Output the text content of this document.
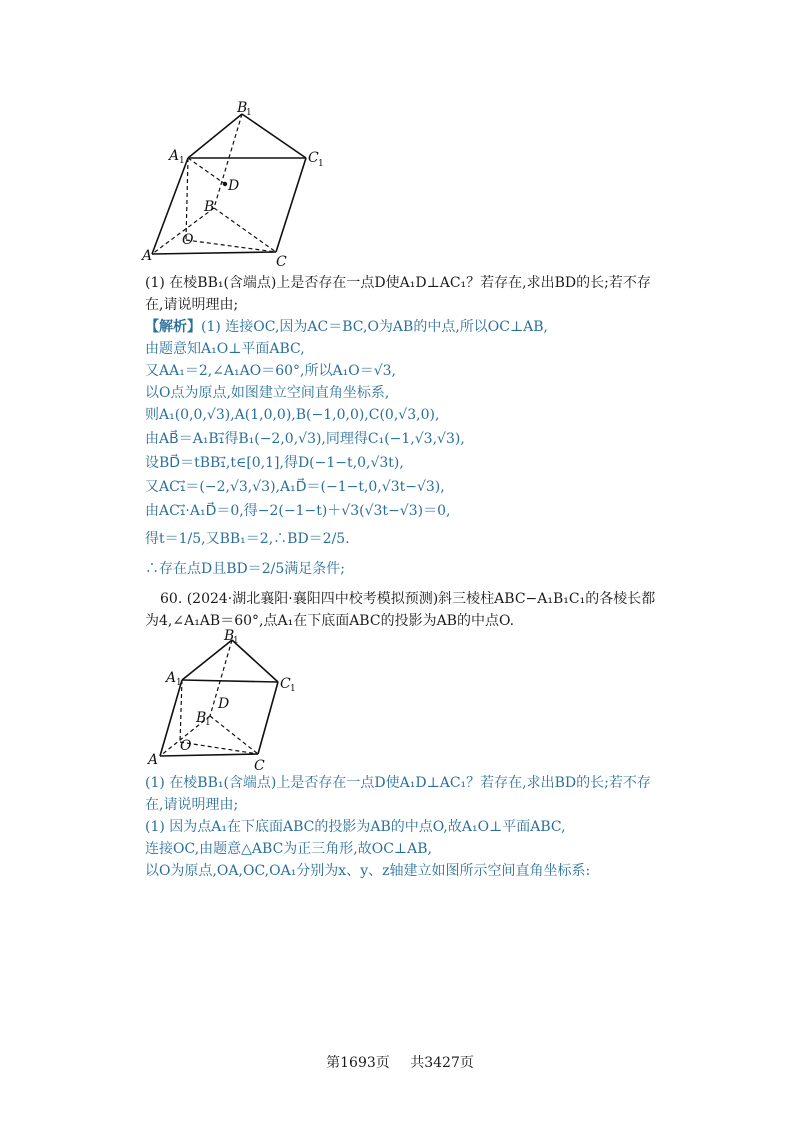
B
1
A 1	C 1
D
B
O
A	C
(1) 在棱BB₁(含端点)上是否存在一点D使A₁D⊥AC₁？若存在,求出BD的长;若不存
在,请说明理由;
【解析】(1) 连接OC,因为AC＝BC,O为AB的中点,所以OC⊥AB,
由题意知A₁O⊥平面ABC,
又AA₁＝2,∠A₁AO＝60°,所以A₁O＝√3,
以O点为原点,如图建立空间直角坐标系,
则A₁(0,0,√3),A(1,0,0),B(−1,0,0),C(0,√3,0),
由AB⃗＝A₁B₁⃗得B₁(−2,0,√3),同理得C₁(−1,√3,√3),
设BD⃗＝tBB₁⃗,t∈[0,1],得D(−1−t,0,√3t),
又AC₁⃗＝(−2,√3,√3),A₁D⃗＝(−1−t,0,√3t−√3),
由AC₁⃗·A₁D⃗＝0,得−2(−1−t)＋√3(√3t−√3)＝0,
得t＝1/5,又BB₁＝2,∴BD＝2/5.
∴存在点D且BD＝2/5满足条件;
60. (2024·湖北襄阳·襄阳四中校考模拟预测)斜三棱柱ABC−A₁B₁C₁的各棱长都
为4,∠A₁AB＝60°,点A₁在下底面ABC的投影为AB的中点O.
B
1
A 1	C 1
D
B
1
O
A	C
(1) 在棱BB₁(含端点)上是否存在一点D使A₁D⊥AC₁？若存在,求出BD的长;若不存
在,请说明理由;
(1) 因为点A₁在下底面ABC的投影为AB的中点O,故A₁O⊥平面ABC,
连接OC,由题意△ABC为正三角形,故OC⊥AB,
以O为原点,OA,OC,OA₁分别为x、y、z轴建立如图所示空间直角坐标系:
第1693页 共3427页
